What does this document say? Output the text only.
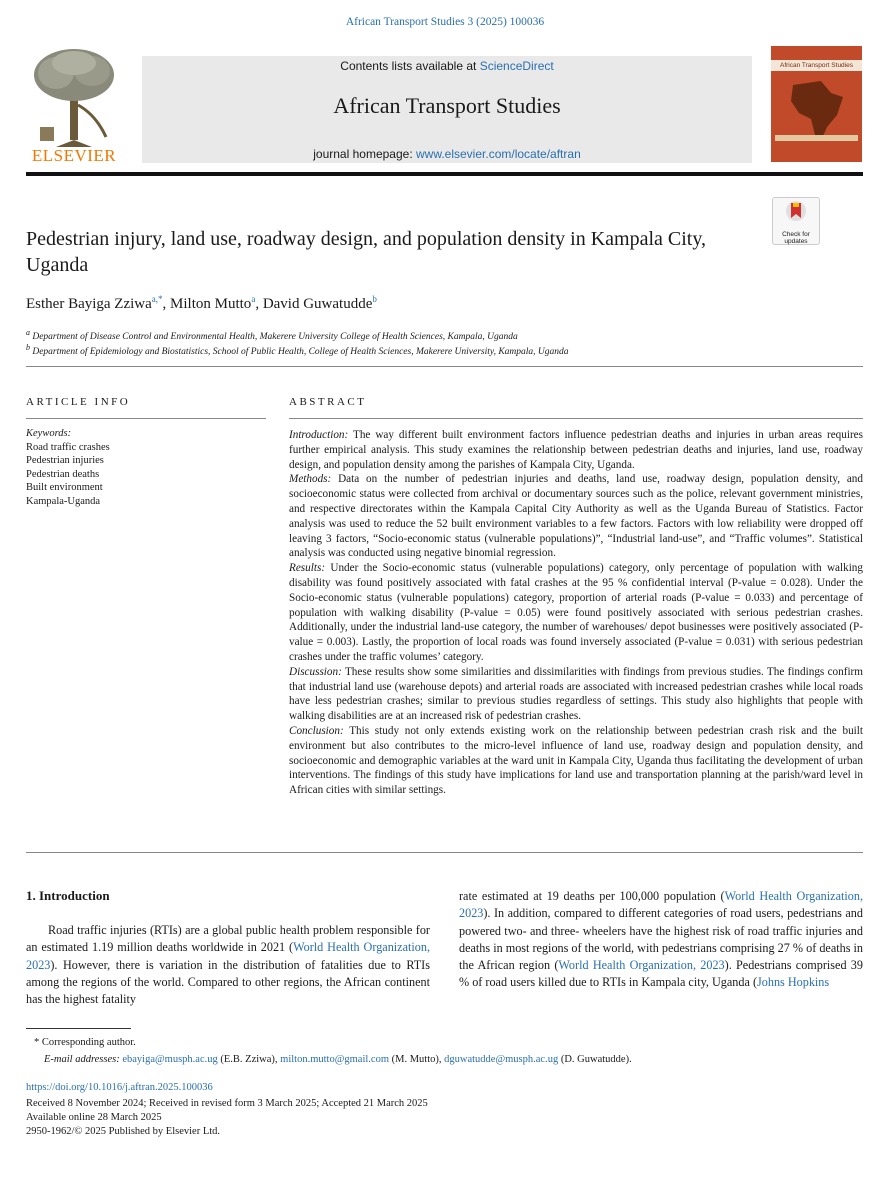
African Transport Studies 3 (2025) 100036
ELSEVIER
Contents lists available at ScienceDirect
African Transport Studies
journal homepage: www.elsevier.com/locate/aftran
African Transport Studies
Check for updates
Pedestrian injury, land use, roadway design, and population density in Kampala City, Uganda
Esther Bayiga Zziwa$^{a,*}$, Milton Mutto$^a$, David Guwatudde$^b$
$^a$ Department of Disease Control and Environmental Health, Makerere University College of Health Sciences, Kampala, Uganda
$^b$ Department of Epidemiology and Biostatistics, School of Public Health, College of Health Sciences, Makerere University, Kampala, Uganda
ARTICLE INFO
Keywords:
Road traffic crashes
Pedestrian injuries
Pedestrian deaths
Built environment
Kampala-Uganda
ABSTRACT

Introduction: The way different built environment factors influence pedestrian deaths and injuries in urban areas requires further empirical analysis. This study examines the relationship between pedestrian deaths and injuries, land use, roadway design, and population density among the parishes of Kampala City, Uganda.

Methods: Data on the number of pedestrian injuries and deaths, land use, roadway design, population density, and socioeconomic status were collected from archival or documentary sources such as the police, relevant government ministries, and respective directorates within the Kampala Capital City Authority as well as the Uganda Bureau of Statistics. Factor analysis was used to reduce the 52 built environment variables to a few factors. Factors with low reliability were dropped off leaving 3 factors, “Socio-economic status (vulnerable populations)”, “Industrial land-use”, and “Traffic volumes”. Statistical analysis was conducted using negative binomial regression.

Results: Under the Socio-economic status (vulnerable populations) category, only percentage of population with walking disability was found positively associated with fatal crashes at the 95 % confidential interval (P-value = 0.028). Under the Socio-economic status (vulnerable populations) category, proportion of arterial roads (P-value = 0.033) and percentage of population with walking disability (P-value = 0.05) were found positively associated with serious pedestrian crashes. Additionally, under the industrial land-use category, the number of warehouses/ depot businesses were positively associated (P-value = 0.003). Lastly, the proportion of local roads was found inversely associated (P-value = 0.031) with serious pedestrian crashes under the traffic volumes’ category.

Discussion: These results show some similarities and dissimilarities with findings from previous studies. The findings confirm that industrial land use (warehouse depots) and arterial roads are associated with increased pedestrian crashes while local roads have less pedestrian crashes; similar to previous studies regardless of settings. This study also highlights that people with walking disabilities are at an increased risk of pedestrian crashes.

Conclusion: This study not only extends existing work on the relationship between pedestrian crash risk and the built environment but also contributes to the micro-level influence of land use, roadway design and population density, and socioeconomic and demographic variables at the ward unit in Kampala City, Uganda thus facilitating the development of urban interventions. The findings of this study have implications for land use and transportation planning at the parish/ward level in African cities with similar settings.

1. Introduction

Road traffic injuries (RTIs) are a global public health problem responsible for an estimated 1.19 million deaths worldwide in 2021 (World Health Organization, 2023). However, there is variation in the distribution of fatalities due to RTIs among the regions of the world. Compared to other regions, the African continent has the highest fatality

rate estimated at 19 deaths per 100,000 population (World Health Organization, 2023). In addition, compared to different categories of road users, pedestrians and powered two- and three- wheelers have the highest risk of road traffic injuries and deaths in most regions of the world, with pedestrians comprising 27 % of deaths in the African region (World Health Organization, 2023). Pedestrians comprised 39 % of road users killed due to RTIs in Kampala city, Uganda (Johns Hopkins

* Corresponding author.
E-mail addresses: ebayiga@musph.ac.ug (E.B. Zziwa), milton.mutto@gmail.com (M. Mutto), dguwatudde@musph.ac.ug (D. Guwatudde).
https://doi.org/10.1016/j.aftran.2025.100036
Received 8 November 2024; Received in revised form 3 March 2025; Accepted 21 March 2025
Available online 28 March 2025
2950-1962/© 2025 Published by Elsevier Ltd.
